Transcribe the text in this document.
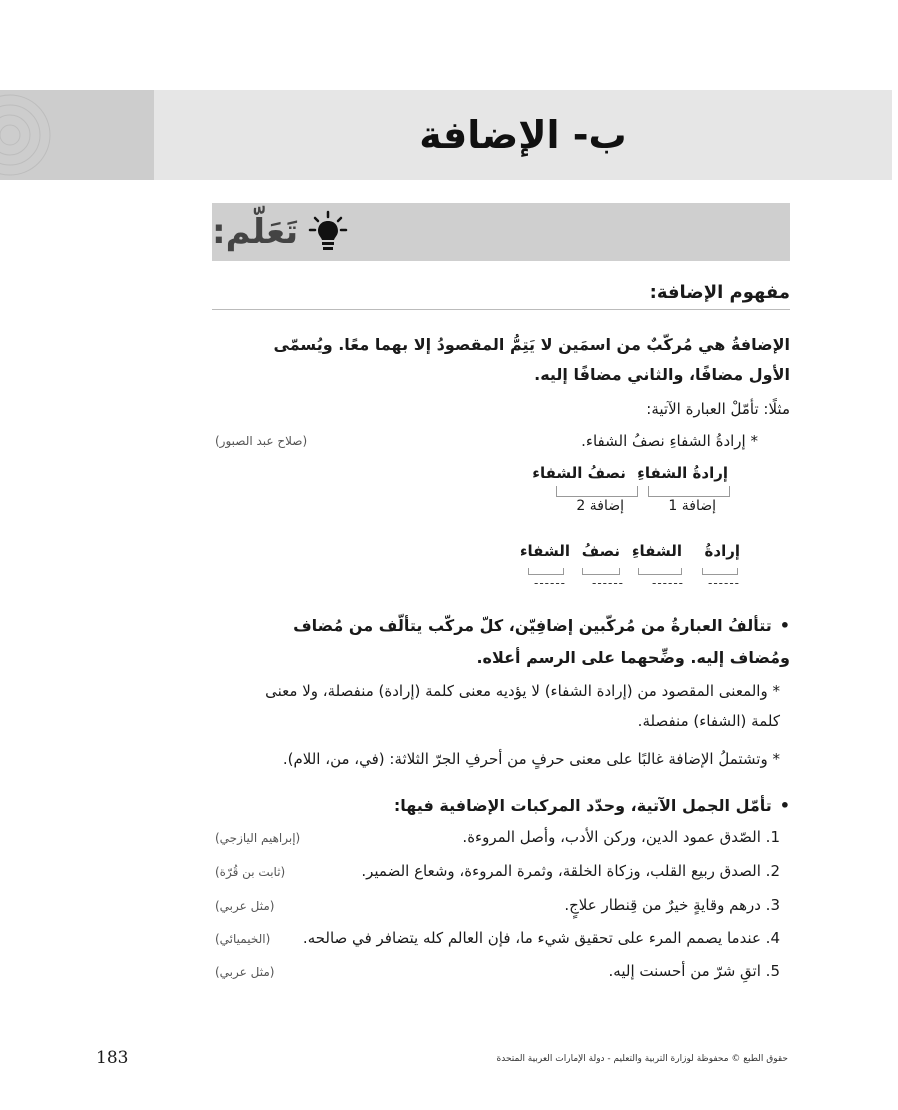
ب- الإضافة
تَعَلّم:
مفهوم الإضافة:
الإضافةُ هي مُركّبٌ من اسمَين لا يَتِمُّ المقصودُ إلا بهما معًا. ويُسمّى الأول مضافًا، والثاني مضافًا إليه.
مثلًا: تأمّلْ العبارة الآتية:
* إرادةُ الشفاءِ نصفُ الشفاء.
(صلاح عبد الصبور)
إرادةُ الشفاءِ نصفُ الشفاء
إضافة 1
إضافة 2
إرادةُ
الشفاءِ
نصفُ
الشفاء
------
------
------
------
•تتألفُ العبارةُ من مُركّبين إضافِيّن، كلّ مركّب يتألّف من مُضاف ومُضاف إليه. وضِّحهما على الرسم أعلاه.
* والمعنى المقصود من (إرادة الشفاء) لا يؤديه معنى كلمة (إرادة) منفصلة، ولا معنى كلمة (الشفاء) منفصلة.
* وتشتملُ الإضافة غالبًا على معنى حرفٍ من أحرفِ الجرّ الثلاثة: (في، من، اللام).
•تأمّل الجمل الآتية، وحدّد المركبات الإضافية فيها:
1. الصّدق عمود الدين، وركن الأدب، وأصل المروءة.
(إبراهيم اليازجي)
2. الصدق ربيع القلب، وزكاة الخلقة، وثمرة المروءة، وشعاع الضمير.
(ثابت بن قُرّة)
3. درهم وقايةٍ خيرٌ من قِنطار علاجٍ.
(مثل عربي)
4. عندما يصمم المرء على تحقيق شيء ما، فإن العالم كله يتضافر في صالحه.
(الخيميائي)
5. اتقِ شرّ من أحسنت إليه.
(مثل عربي)
183	حقوق الطبع © محفوظة لوزارة التربية والتعليم - دولة الإمارات العربية المتحدة
